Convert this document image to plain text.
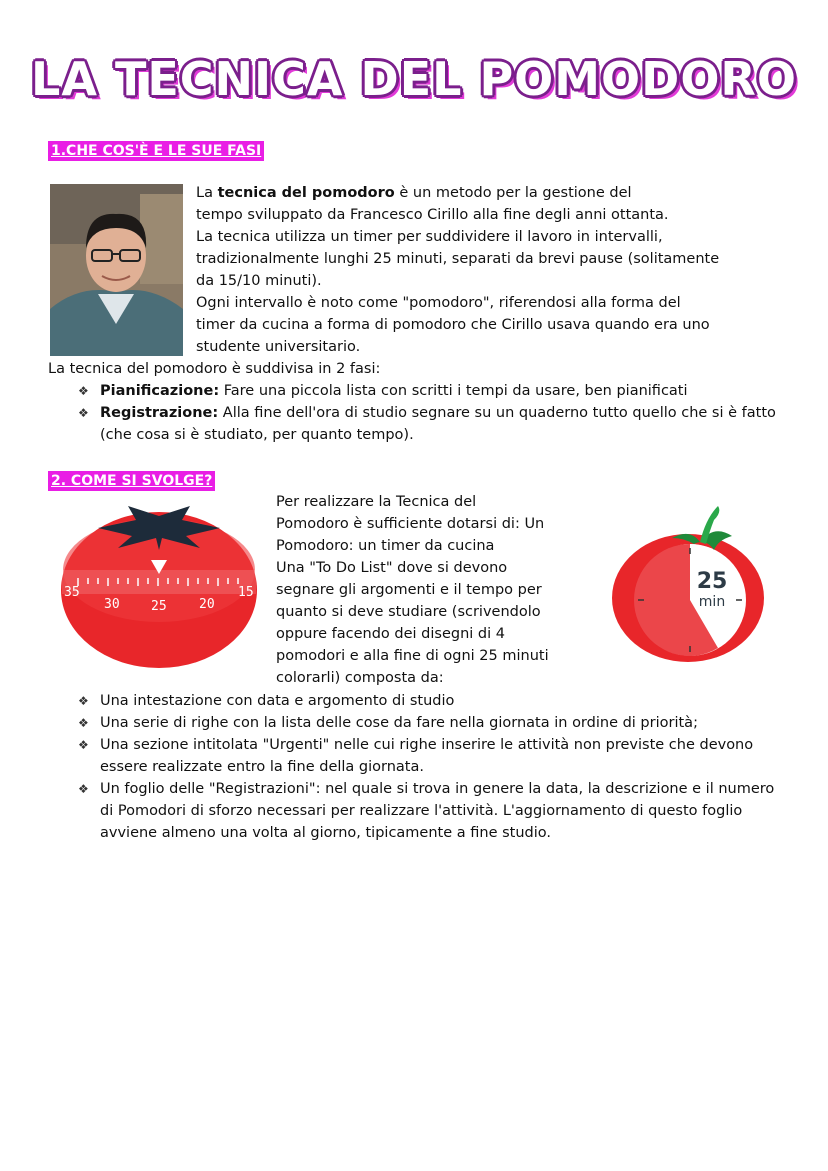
LA TECNICA DEL POMODORO
1.CHE COS'È E LE SUE FASI

La tecnica del pomodoro è un metodo per la gestione del
tempo sviluppato da Francesco Cirillo alla fine degli anni ottanta.
La tecnica utilizza un timer per suddividere il lavoro in intervalli,
tradizionalmente lunghi 25 minuti, separati da brevi pause (solitamente
da 15/10 minuti).
Ogni intervallo è noto come "pomodoro", riferendosi alla forma del
timer da cucina a forma di pomodoro che Cirillo usava quando era uno
studente universitario.

La tecnica del pomodoro è suddivisa in 2 fasi:

❖ Pianificazione: Fare una piccola lista con scritti i tempi da usare, ben pianificati
❖ Registrazione: Alla fine dell'ora di studio segnare su un quaderno tutto quello che si è fatto (che cosa si è studiato, per quanto tempo).
2. COME SI SVOLGE?
35
30 25 20
15

Per realizzare la Tecnica del
Pomodoro è sufficiente dotarsi di: Un
Pomodoro: un timer da cucina
Una "To Do List" dove si devono
segnare gli argomenti e il tempo per
quanto si deve studiare (scrivendolo
oppure facendo dei disegni di 4
pomodori e alla fine di ogni 25 minuti
colorarli) composta da:

25
min
❖ Una intestazione con data e argomento di studio
❖ Una serie di righe con la lista delle cose da fare nella giornata in ordine di priorità;
❖ Una sezione intitolata "Urgenti" nelle cui righe inserire le attività non previste che devono essere realizzate entro la fine della giornata.
❖ Un foglio delle "Registrazioni": nel quale si trova in genere la data, la descrizione e il numero di Pomodori di sforzo necessari per realizzare l'attività. L'aggiornamento di questo foglio avviene almeno una volta al giorno, tipicamente a fine studio.
